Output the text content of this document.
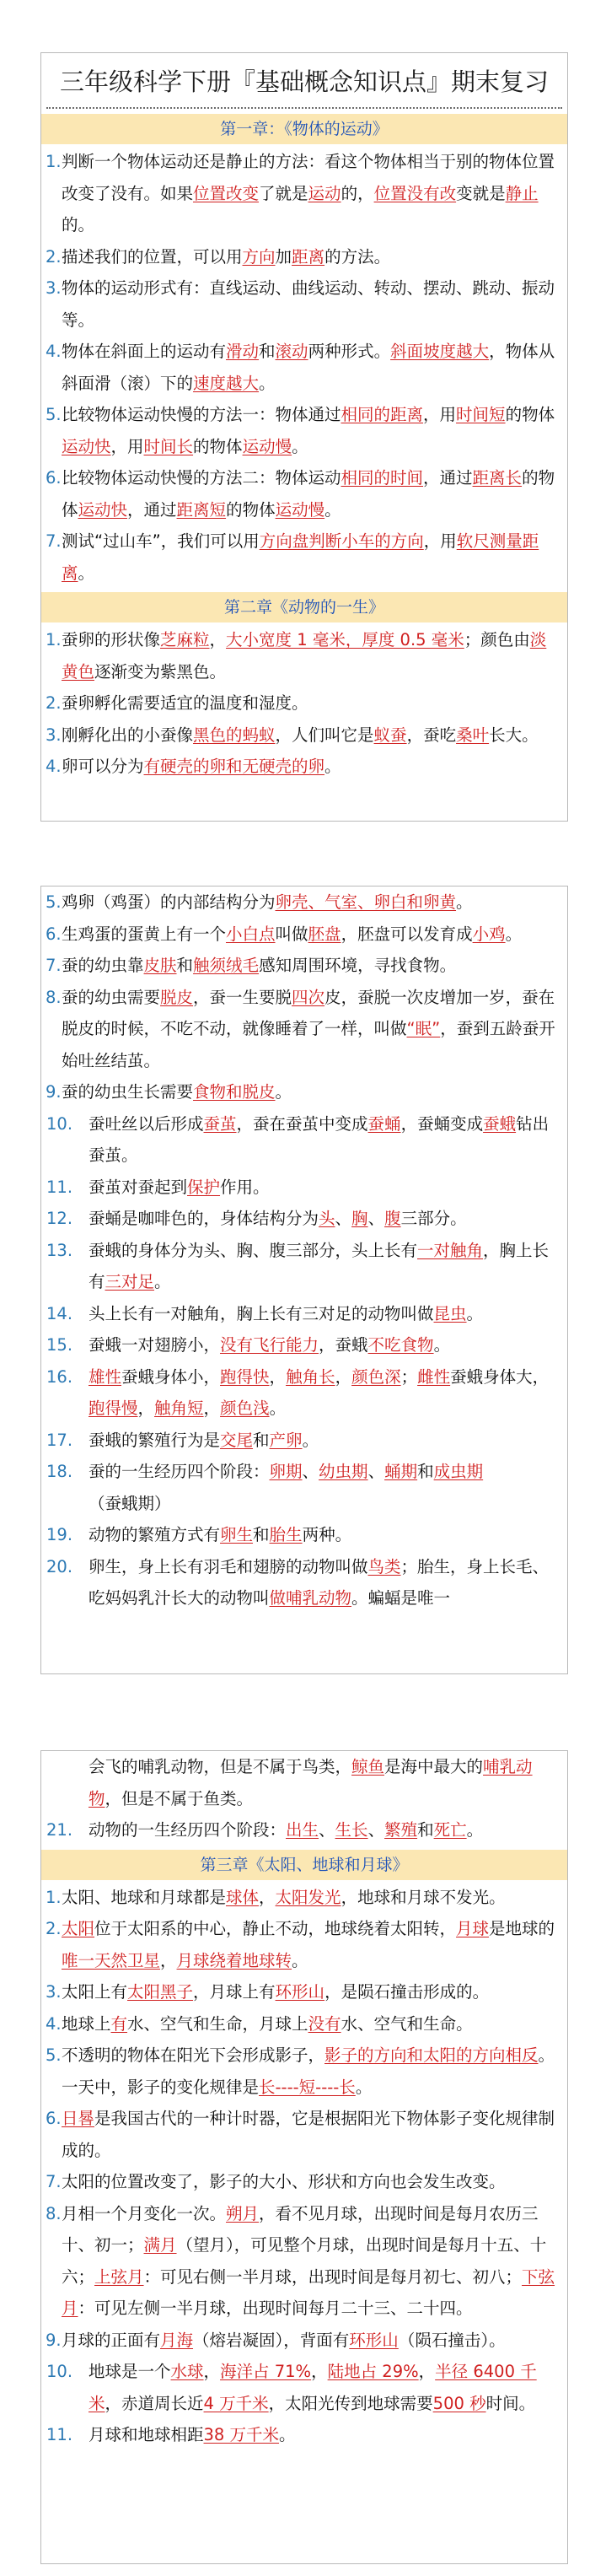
三年级科学下册『基础概念知识点』期末复习
第一章：《物体的运动》
1. 判断一个物体运动还是静止的方法：看这个物体相当于别的物体位置改变了没有。如果位置改变了就是运动的，位置没有改变就是静止的。
2. 描述我们的位置，可以用方向加距离的方法。
3. 物体的运动形式有：直线运动、曲线运动、转动、摆动、跳动、振动等。
4. 物体在斜面上的运动有滑动和滚动两种形式。斜面坡度越大，物体从斜面滑（滚）下的速度越大。
5. 比较物体运动快慢的方法一：物体通过相同的距离，用时间短的物体运动快，用时间长的物体运动慢。
6. 比较物体运动快慢的方法二：物体运动相同的时间，通过距离长的物体运动快，通过距离短的物体运动慢。
7. 测试“过山车”，我们可以用方向盘判断小车的方向，用软尺测量距离。
第二章《动物的一生》
1. 蚕卵的形状像芝麻粒，大小宽度 1 毫米，厚度 0.5 毫米；颜色由淡黄色逐渐变为紫黑色。
2. 蚕卵孵化需要适宜的温度和湿度。
3. 刚孵化出的小蚕像黑色的蚂蚁，人们叫它是蚁蚕，蚕吃桑叶长大。
4. 卵可以分为有硬壳的卵和无硬壳的卵。
5. 鸡卵（鸡蛋）的内部结构分为卵壳、气室、卵白和卵黄。
6. 生鸡蛋的蛋黄上有一个小白点叫做胚盘，胚盘可以发育成小鸡。
7. 蚕的幼虫靠皮肤和触须绒毛感知周围环境，寻找食物。
8. 蚕的幼虫需要脱皮，蚕一生要脱四次皮，蚕脱一次皮增加一岁，蚕在脱皮的时候，不吃不动，就像睡着了一样，叫做“眠”，蚕到五龄蚕开始吐丝结茧。
9. 蚕的幼虫生长需要食物和脱皮。
10. 蚕吐丝以后形成蚕茧，蚕在蚕茧中变成蚕蛹，蚕蛹变成蚕蛾钻出蚕茧。
11. 蚕茧对蚕起到保护作用。
12. 蚕蛹是咖啡色的，身体结构分为头、胸、腹三部分。
13. 蚕蛾的身体分为头、胸、腹三部分，头上长有一对触角，胸上长有三对足。
14. 头上长有一对触角，胸上长有三对足的动物叫做昆虫。
15. 蚕蛾一对翅膀小，没有飞行能力，蚕蛾不吃食物。
16. 雄性蚕蛾身体小，跑得快，触角长，颜色深；雌性蚕蛾身体大，跑得慢，触角短，颜色浅。
17. 蚕蛾的繁殖行为是交尾和产卵。
18. 蚕的一生经历四个阶段：卵期、幼虫期、蛹期和成虫期（蚕蛾期）
19. 动物的繁殖方式有卵生和胎生两种。
20. 卵生，身上长有羽毛和翅膀的动物叫做鸟类；胎生，身上长毛、吃妈妈乳汁长大的动物叫做哺乳动物。蝙蝠是唯一
会飞的哺乳动物，但是不属于鸟类，鲸鱼是海中最大的哺乳动物，但是不属于鱼类。
21. 动物的一生经历四个阶段：出生、生长、繁殖和死亡。
第三章《太阳、地球和月球》
1. 太阳、地球和月球都是球体，太阳发光，地球和月球不发光。
2. 太阳位于太阳系的中心，静止不动，地球绕着太阳转，月球是地球的唯一天然卫星，月球绕着地球转。
3. 太阳上有太阳黑子，月球上有环形山，是陨石撞击形成的。
4. 地球上有水、空气和生命，月球上没有水、空气和生命。
5. 不透明的物体在阳光下会形成影子，影子的方向和太阳的方向相反。一天中，影子的变化规律是长----短----长。
6. 日晷是我国古代的一种计时器，它是根据阳光下物体影子变化规律制成的。
7. 太阳的位置改变了，影子的大小、形状和方向也会发生改变。
8. 月相一个月变化一次。朔月，看不见月球，出现时间是每月农历三十、初一；满月（望月），可见整个月球，出现时间是每月十五、十六；上弦月：可见右侧一半月球，出现时间是每月初七、初八；下弦月：可见左侧一半月球，出现时间每月二十三、二十四。
9. 月球的正面有月海（熔岩凝固），背面有环形山（陨石撞击）。
10. 地球是一个水球，海洋占 71%，陆地占 29%，半径 6400 千米，赤道周长近4 万千米，太阳光传到地球需要500 秒时间。
11. 月球和地球相距38 万千米。
